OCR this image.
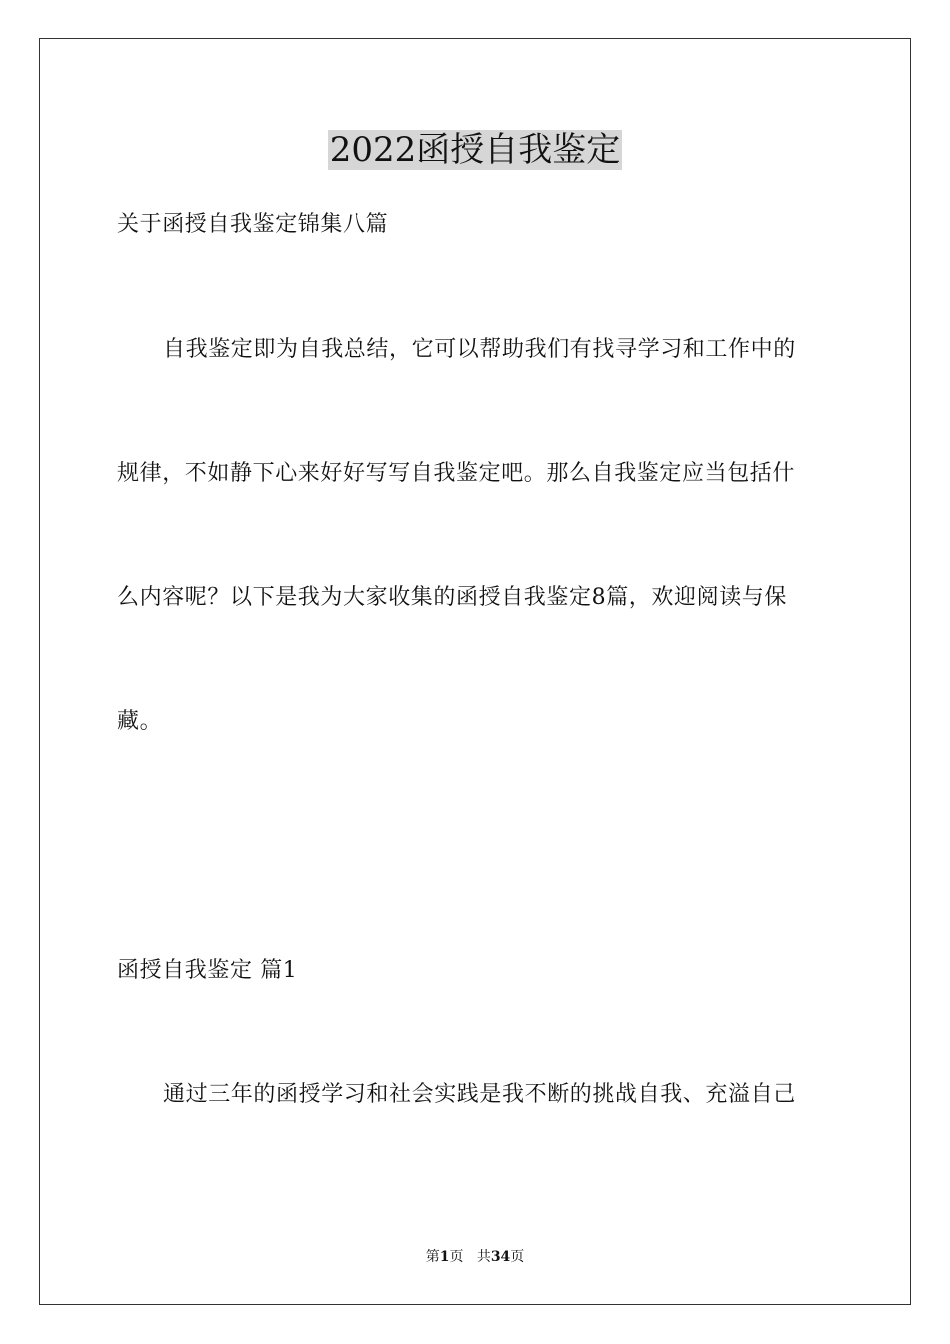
2022函授自我鉴定
关于函授自我鉴定锦集八篇
自我鉴定即为自我总结，它可以帮助我们有找寻学习和工作中的
规律，不如静下心来好好写写自我鉴定吧。那么自我鉴定应当包括什
么内容呢？以下是我为大家收集的函授自我鉴定8篇，欢迎阅读与保
藏。
函授自我鉴定 篇1
通过三年的函授学习和社会实践是我不断的挑战自我、充溢自己
第1页 共34页
